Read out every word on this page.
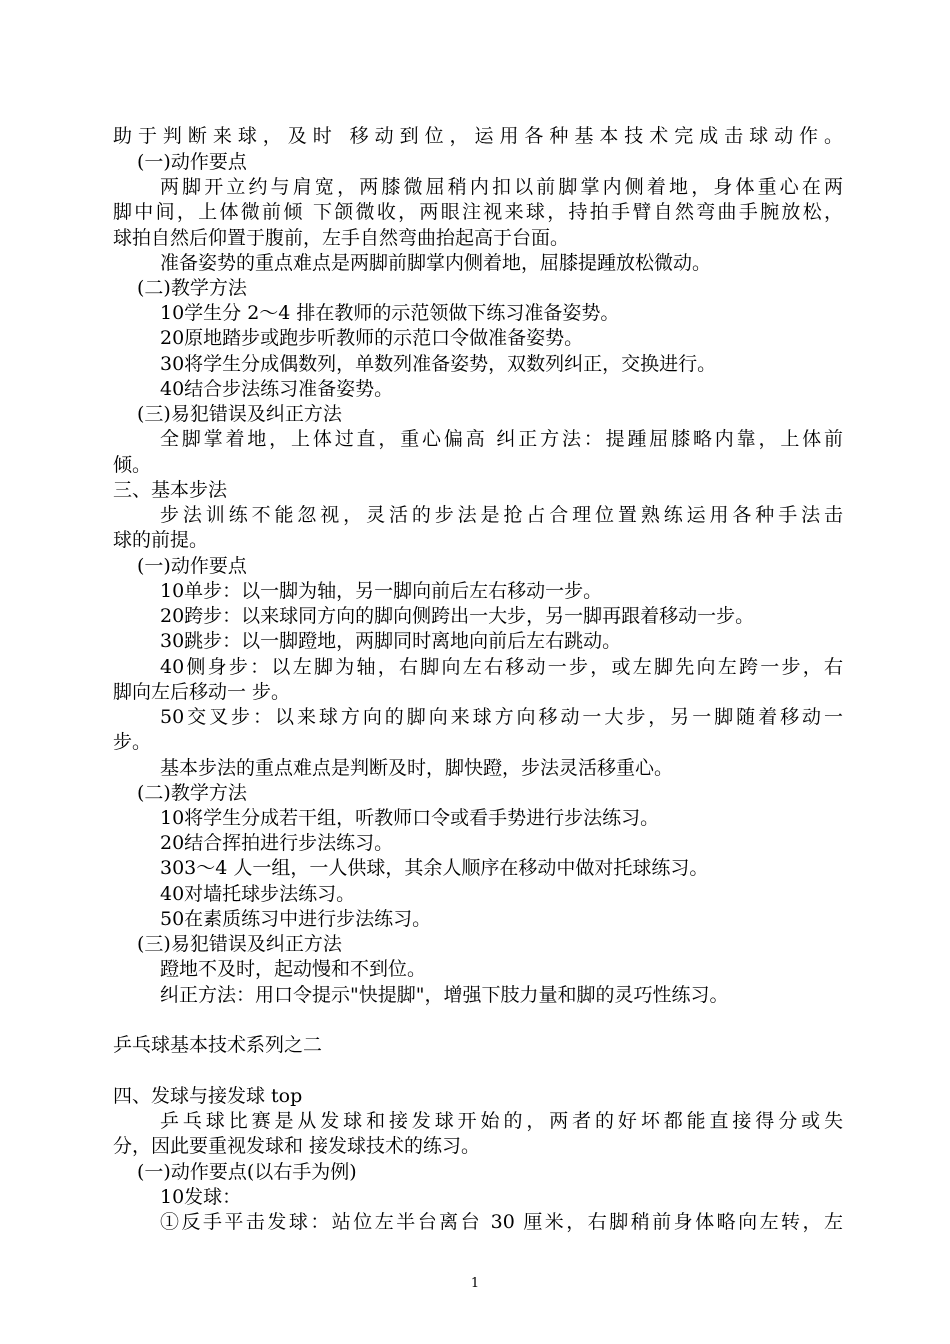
助于判断来球，及时 移动到位，运用各种基本技术完成击球动作。
(一)动作要点
两脚开立约与肩宽，两膝微屈稍内扣以前脚掌内侧着地，身体重心在两
脚中间，上体微前倾 下颌微收，两眼注视来球，持拍手臂自然弯曲手腕放松，
球拍自然后仰置于腹前，左手自然弯曲抬起高于台面。
准备姿势的重点难点是两脚前脚掌内侧着地，屈膝提踵放松微动。
(二)教学方法
10学生分 2～4 排在教师的示范领做下练习准备姿势。
20原地踏步或跑步听教师的示范口令做准备姿势。
30将学生分成偶数列，单数列准备姿势，双数列纠正，交换进行。
40结合步法练习准备姿势。
(三)易犯错误及纠正方法
全脚掌着地，上体过直，重心偏高 纠正方法：提踵屈膝略内靠，上体前
倾。
三、基本步法
步法训练不能忽视，灵活的步法是抢占合理位置熟练运用各种手法击
球的前提。
(一)动作要点
10单步：以一脚为轴，另一脚向前后左右移动一步。
20跨步：以来球同方向的脚向侧跨出一大步，另一脚再跟着移动一步。
30跳步：以一脚蹬地，两脚同时离地向前后左右跳动。
40侧身步：以左脚为轴，右脚向左右移动一步，或左脚先向左跨一步，右
脚向左后移动一 步。
50交叉步：以来球方向的脚向来球方向移动一大步，另一脚随着移动一
步。
基本步法的重点难点是判断及时，脚快蹬，步法灵活移重心。
(二)教学方法
10将学生分成若干组，听教师口令或看手势进行步法练习。
20结合挥拍进行步法练习。
303～4 人一组，一人供球，其余人顺序在移动中做对托球练习。
40对墙托球步法练习。
50在素质练习中进行步法练习。
(三)易犯错误及纠正方法
蹬地不及时，起动慢和不到位。
纠正方法：用口令提示"快提脚"，增强下肢力量和脚的灵巧性练习。
乒乓球基本技术系列之二
四、发球与接发球 top
乒乓球比赛是从发球和接发球开始的，两者的好坏都能直接得分或失
分，因此要重视发球和 接发球技术的练习。
(一)动作要点(以右手为例)
10发球：
①反手平击发球：站位左半台离台 30 厘米，右脚稍前身体略向左转，左
1
